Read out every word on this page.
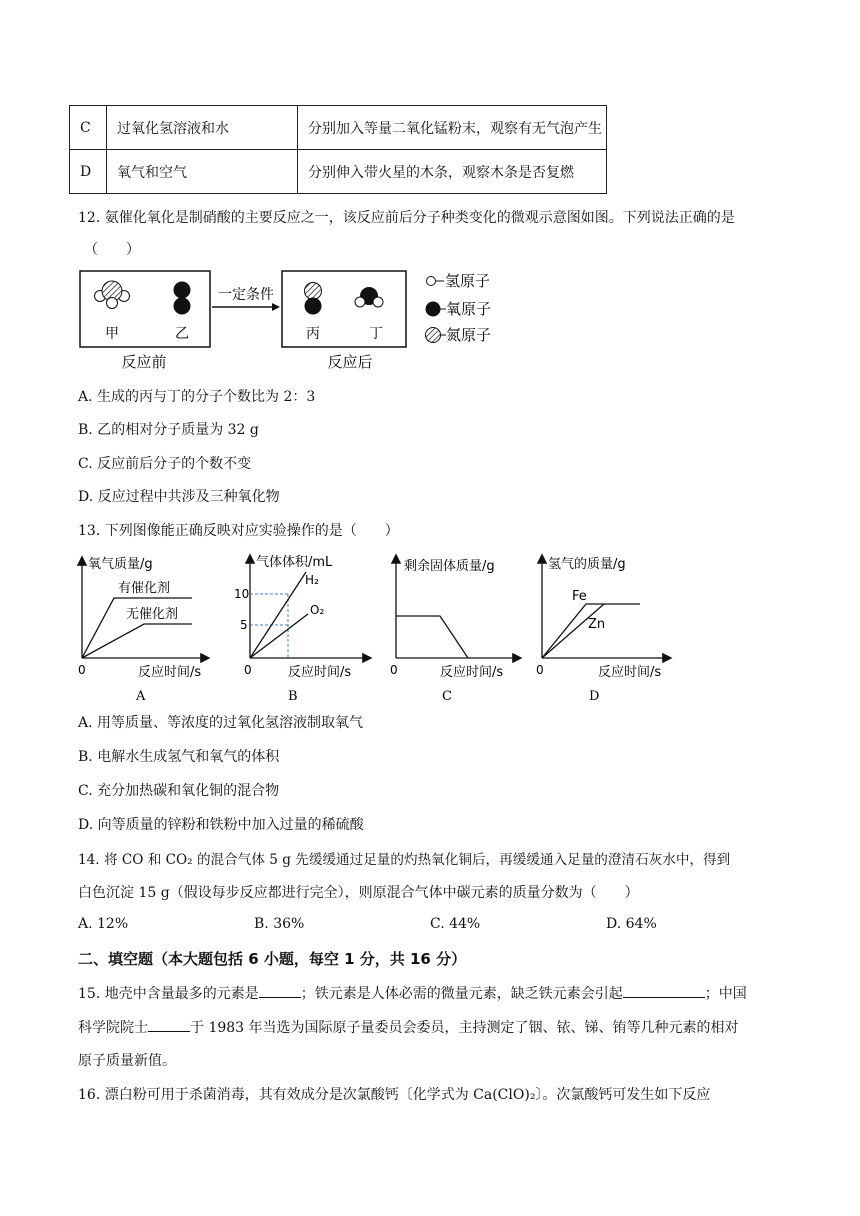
C	过氧化氢溶液和水	分别加入等量二氧化锰粉末，观察有无气泡产生
D	氧气和空气	分别伸入带火星的木条，观察木条是否复燃
12. 氨催化氧化是制硝酸的主要反应之一，该反应前后分子种类变化的微观示意图如图。下列说法正确的是
（　　）
甲	乙
一定条件
丙	丁
反应前	反应后
氢原子
氧原子
氮原子
A. 生成的丙与丁的分子个数比为 2：3
B. 乙的相对分子质量为 32 g
C. 反应前后分子的个数不变
D. 反应过程中共涉及三种氧化物
13. 下列图像能正确反映对应实验操作的是（　　）
氧气质量/g
反应时间/s
0
有催化剂
无催化剂
A
气体体积/mL
反应时间/s
0
10
5
H₂
O₂
B
剩余固体质量/g
反应时间/s
0
C
氢气的质量/g
反应时间/s
0
Fe
Zn
D
A. 用等质量、等浓度的过氧化氢溶液制取氧气
B. 电解水生成氢气和氧气的体积
C. 充分加热碳和氧化铜的混合物
D. 向等质量的锌粉和铁粉中加入过量的稀硫酸
14. 将 CO 和 CO₂ 的混合气体 5 g 先缓缓通过足量的灼热氧化铜后，再缓缓通入足量的澄清石灰水中，得到
白色沉淀 15 g（假设每步反应都进行完全），则原混合气体中碳元素的质量分数为（　　）
A. 12%	B. 36%	C. 44%	D. 64%
二、填空题（本大题包括 6 小题，每空 1 分，共 16 分）
15. 地壳中含量最多的元素是	；铁元素是人体必需的微量元素，缺乏铁元素会引起	；中国
科学院院士	于 1983 年当选为国际原子量委员会委员，主持测定了铟、铱、锑、铕等几种元素的相对
原子质量新值。
16. 漂白粉可用于杀菌消毒，其有效成分是次氯酸钙〔化学式为 Ca(ClO)₂〕。次氯酸钙可发生如下反应
